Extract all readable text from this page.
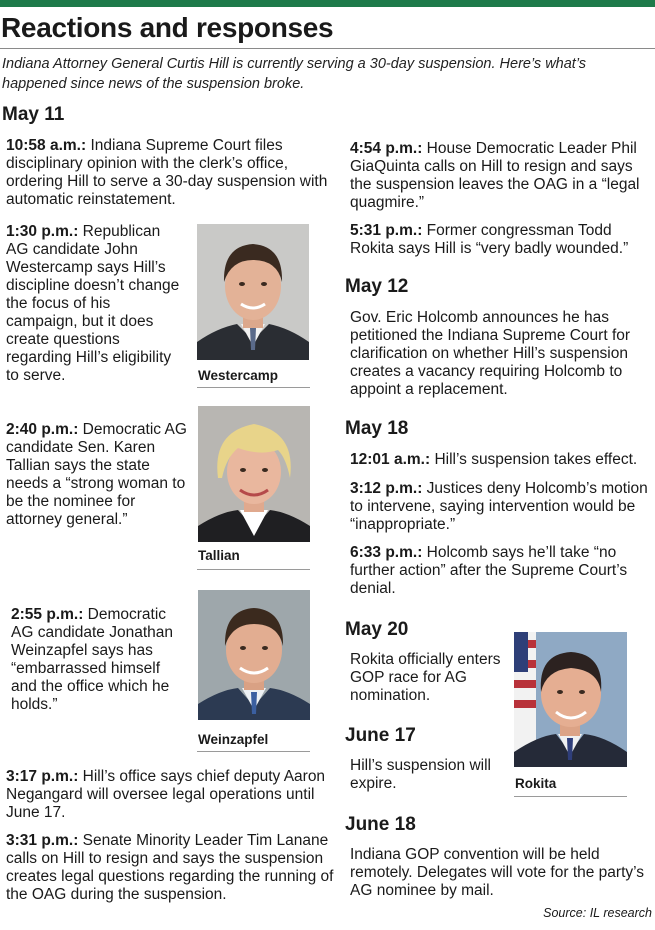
Reactions and responses
Indiana Attorney General Curtis Hill is currently serving a 30-day suspension. Here’s what’s happened since news of the suspension broke.
May 11
10:58 a.m.: Indiana Supreme Court files disciplinary opinion with the clerk’s office, ordering Hill to serve a 30-day suspension with automatic reinstatement.
1:30 p.m.: Republican AG candidate John Westercamp says Hill’s discipline doesn’t change the focus of his campaign, but it does create questions regarding Hill’s eligibility to serve.
2:40 p.m.: Democratic AG candidate Sen. Karen Tallian says the state needs a “strong woman to be the nominee for attorney general.”
2:55 p.m.: Democratic AG candidate Jonathan Weinzapfel says has “embarrassed himself and the office which he holds.”
3:17 p.m.: Hill’s office says chief deputy Aaron Negangard will oversee legal operations until June 17.
3:31 p.m.: Senate Minority Leader Tim Lanane calls on Hill to resign and says the suspension creates legal questions regarding the running of the OAG during the suspension.
Westercamp
Tallian
Weinzapfel
4:54 p.m.: House Democratic Leader Phil GiaQuinta calls on Hill to resign and says the suspension leaves the OAG in a “legal quagmire.”
5:31 p.m.: Former congressman Todd Rokita says Hill is “very badly wounded.”
May 12
Gov. Eric Holcomb announces he has petitioned the Indiana Supreme Court for clarification on whether Hill’s suspension creates a vacancy requiring Holcomb to appoint a replacement.
May 18
12:01 a.m.: Hill’s suspension takes effect.
3:12 p.m.: Justices deny Holcomb’s motion to intervene, saying intervention would be “inappropriate.”
6:33 p.m.: Holcomb says he’ll take “no further action” after the Supreme Court’s denial.
May 20
Rokita officially enters GOP race for AG nomination.
June 17
Hill’s suspension will expire.	Rokita
June 18
Indiana GOP convention will be held remotely. Delegates will vote for the party’s AG nominee by mail.
Source: IL research
